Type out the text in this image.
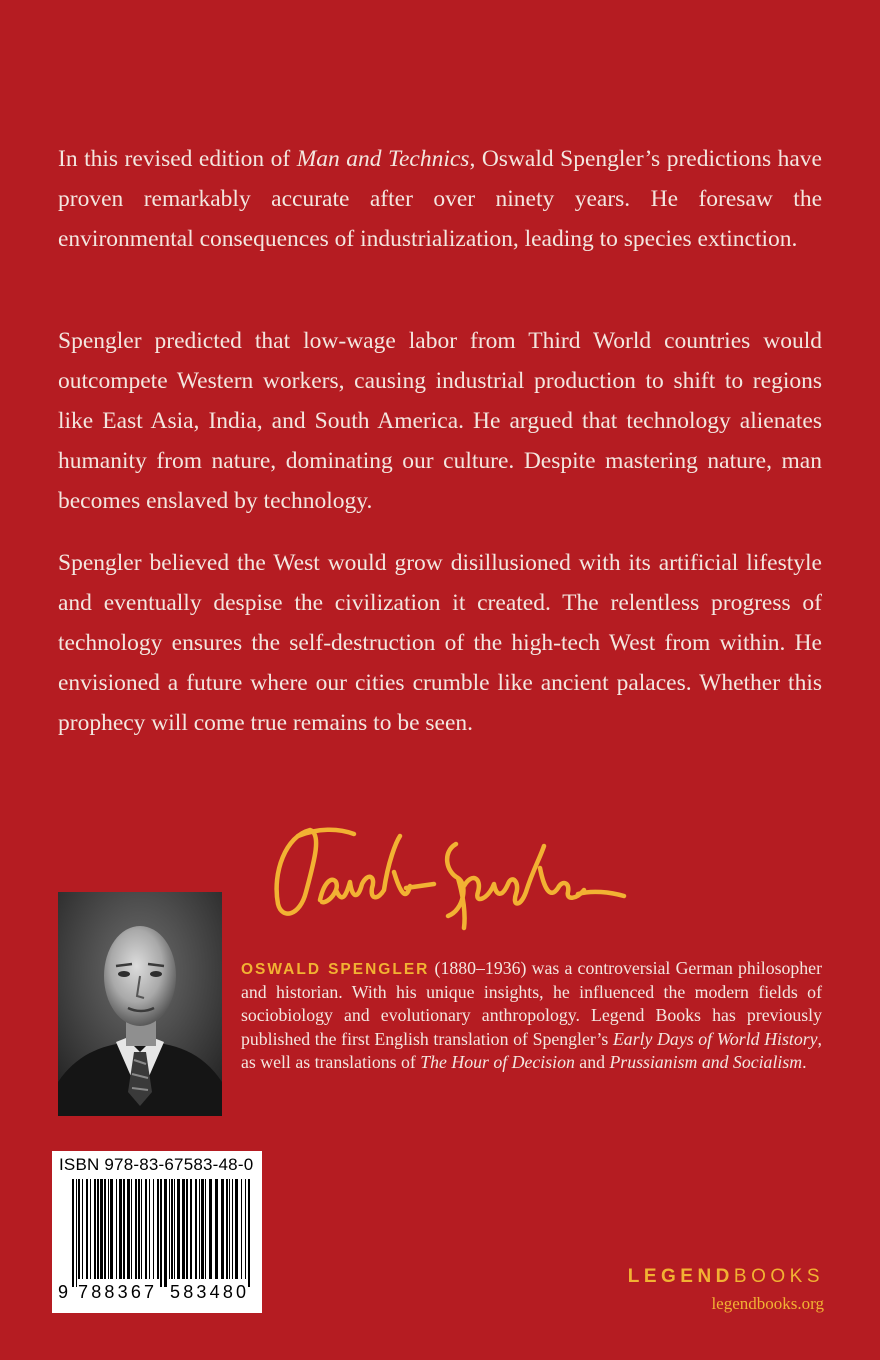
In this revised edition of Man and Technics, Oswald Spengler’s predictions have proven remarkably accurate after over ninety years. He foresaw the environmental consequences of industrialization, leading to species extinction.

Spengler predicted that low-wage labor from Third World countries would outcompete Western workers, causing industrial production to shift to regions like East Asia, India, and South America. He argued that technology alienates humanity from nature, dominating our culture. Despite mastering nature, man becomes enslaved by technology.

Spengler believed the West would grow disillusioned with its artificial lifestyle and eventually despise the civilization it created. The relentless progress of technology ensures the self-destruction of the high-tech West from within. He envisioned a future where our cities crumble like ancient palaces. Whether this prophecy will come true remains to be seen.

OSWALD SPENGLER (1880–1936) was a controversial German philosopher and historian. With his unique insights, he influenced the modern fields of sociobiology and evolutionary anthropology. Legend Books has previously published the first English translation of Spengler’s Early Days of World History, as well as translations of The Hour of Decision and Prussianism and Socialism.

ISBN 978-83-67583-48-0
9 788367 583480
LEGENDBOOKS
legendbooks.org
